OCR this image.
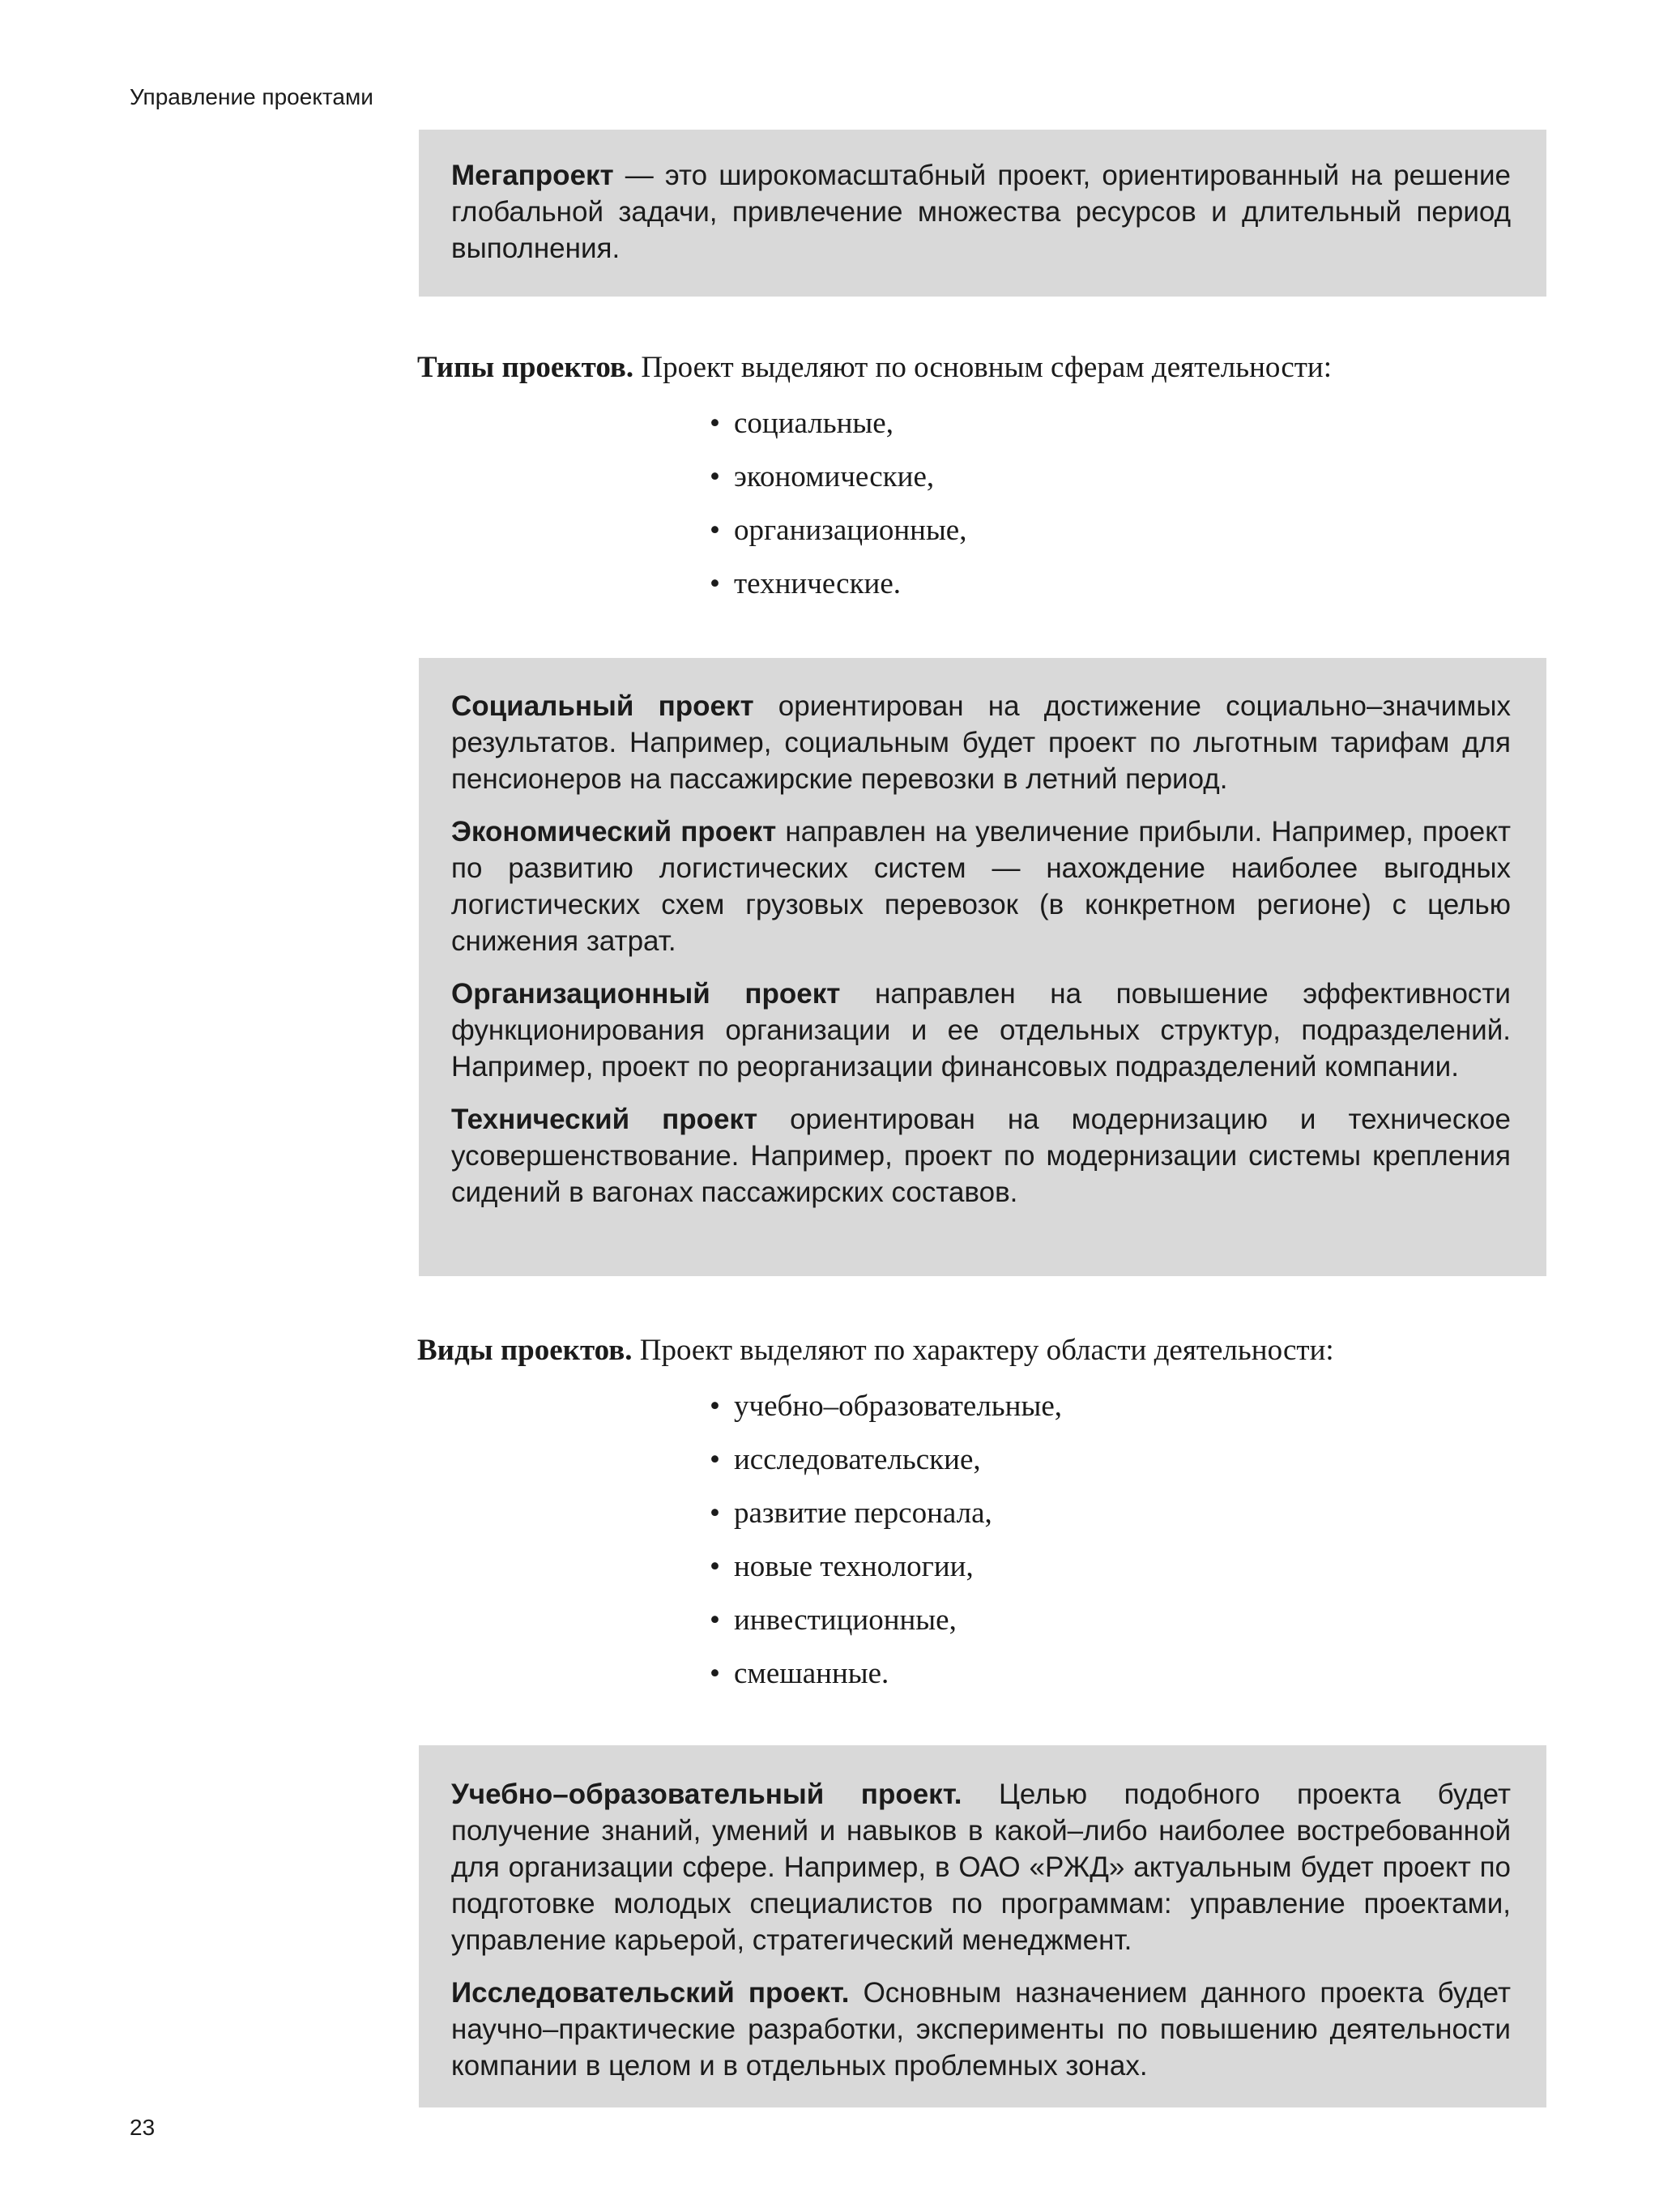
Управление проектами

Мегапроект — это широкомасштабный проект, ориентированный на решение глобальной задачи, привлечение множества ресурсов и длительный период выполнения.

Типы проектов. Проект выделяют по основным сферам деятельности:
• социальные,
• экономические,
• организационные,
• технические.

Социальный проект ориентирован на достижение социально–значимых результатов. Например, социальным будет проект по льготным тарифам для пенсионеров на пассажирские перевозки в летний период.

Экономический проект направлен на увеличение прибыли. Например, проект по развитию логистических систем — нахождение наиболее выгодных логистических схем грузовых перевозок (в конкретном регионе) с целью снижения затрат.

Организационный проект направлен на повышение эффективности функционирования организации и ее отдельных структур, подразделений. Например, проект по реорганизации финансовых подразделений компании.

Технический проект ориентирован на модернизацию и техническое усовершенствование. Например, проект по модернизации системы крепления сидений в вагонах пассажирских составов.

Виды проектов. Проект выделяют по характеру области деятельности:
• учебно–образовательные,
• исследовательские,
• развитие персонала,
• новые технологии,
• инвестиционные,
• смешанные.

Учебно–образовательный проект. Целью подобного проекта будет получение знаний, умений и навыков в какой–либо наиболее востребованной для организации сфере. Например, в ОАО «РЖД» актуальным будет проект по подготовке молодых специалистов по программам: управление проектами, управление карьерой, стратегический менеджмент.

Исследовательский проект. Основным назначением данного проекта будет научно–практические разработки, эксперименты по повышению деятельности компании в целом и в отдельных проблемных зонах.

23
